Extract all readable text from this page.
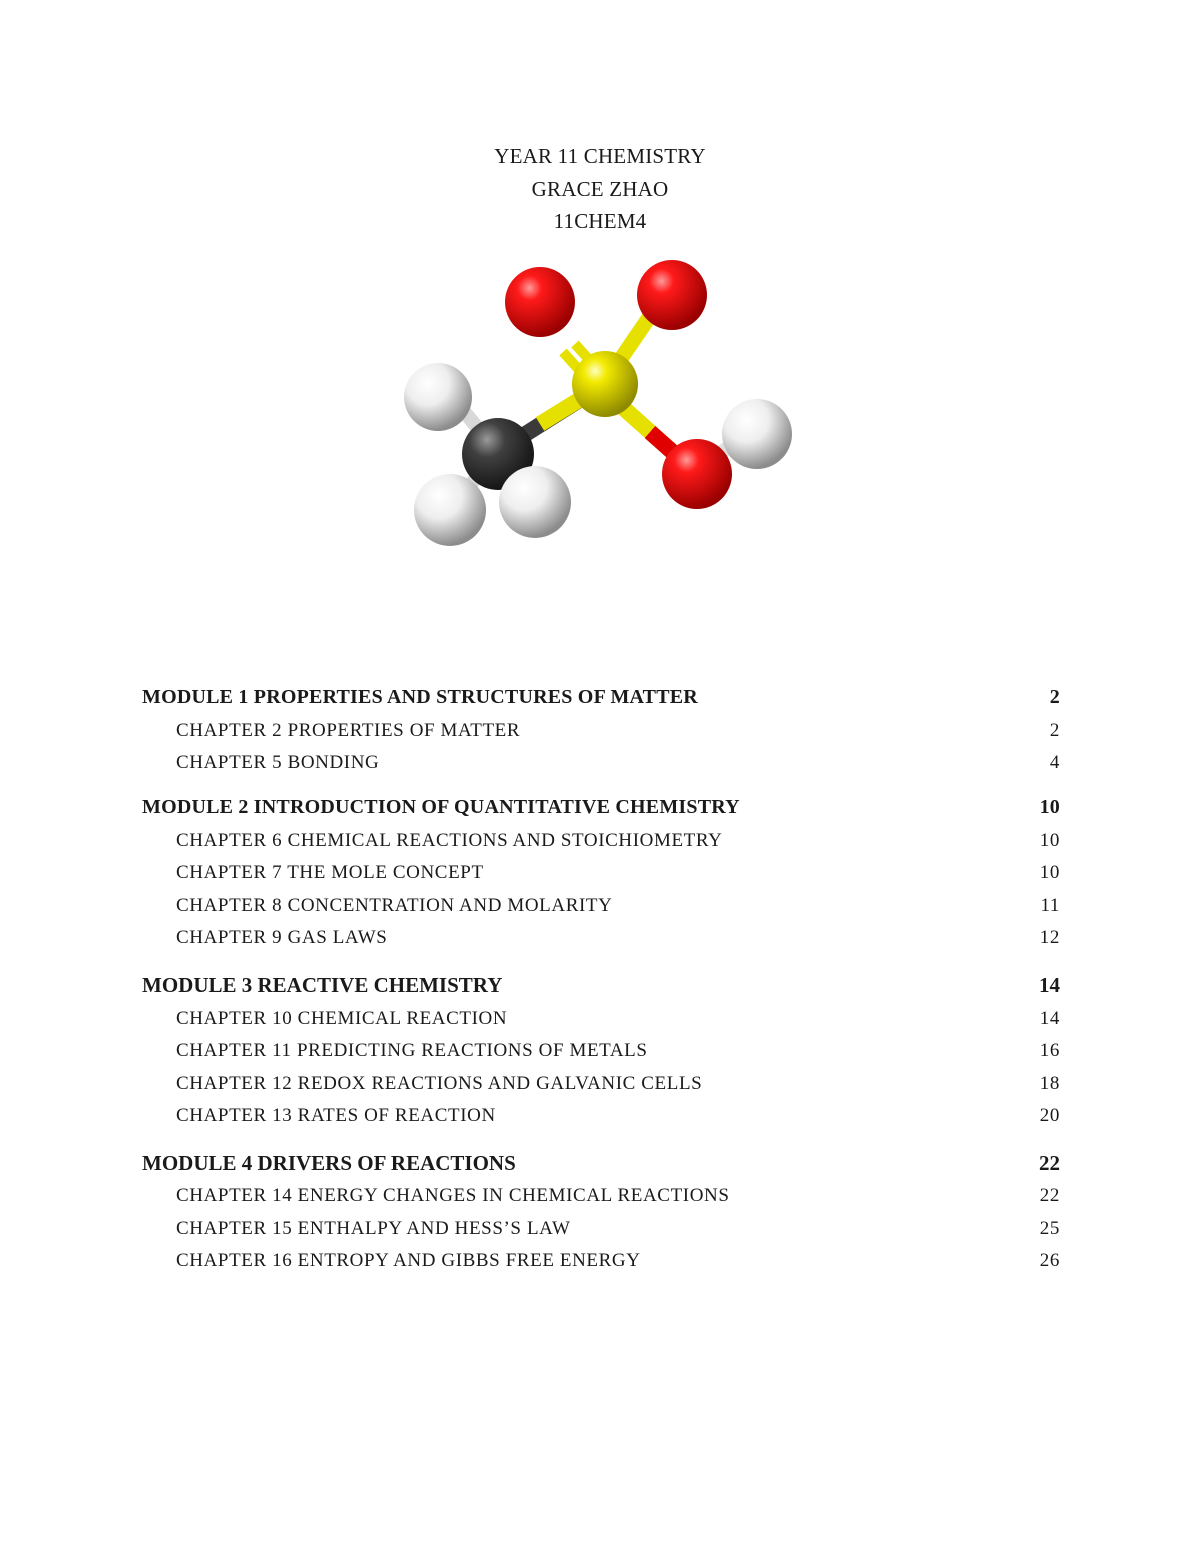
YEAR 11 CHEMISTRY
GRACE ZHAO
11CHEM4
MODULE 1 PROPERTIES AND STRUCTURES OF MATTER	2
CHAPTER 2 PROPERTIES OF MATTER	2
CHAPTER 5 BONDING	4
MODULE 2 INTRODUCTION OF QUANTITATIVE CHEMISTRY	10
CHAPTER 6 CHEMICAL REACTIONS AND STOICHIOMETRY	10
CHAPTER 7 THE MOLE CONCEPT	10
CHAPTER 8 CONCENTRATION AND MOLARITY	11
CHAPTER 9 GAS LAWS	12
MODULE 3 REACTIVE CHEMISTRY	14
CHAPTER 10 CHEMICAL REACTION	14
CHAPTER 11 PREDICTING REACTIONS OF METALS	16
CHAPTER 12 REDOX REACTIONS AND GALVANIC CELLS	18
CHAPTER 13 RATES OF REACTION	20
MODULE 4 DRIVERS OF REACTIONS	22
CHAPTER 14 ENERGY CHANGES IN CHEMICAL REACTIONS	22
CHAPTER 15 ENTHALPY AND HESS’S LAW	25
CHAPTER 16 ENTROPY AND GIBBS FREE ENERGY	26
